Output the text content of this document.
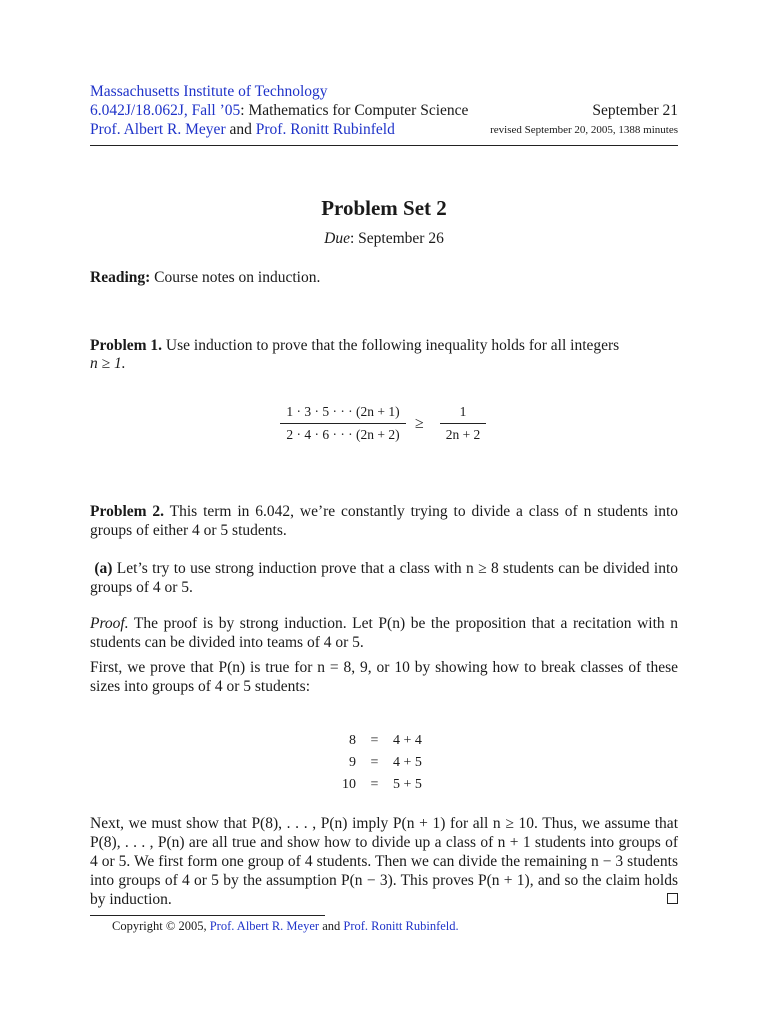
Massachusetts Institute of Technology
6.042J/18.062J, Fall ’05: Mathematics for Computer Science	September 21
Prof. Albert R. Meyer and Prof. Ronitt Rubinfeld	revised September 20, 2005, 1388 minutes
Problem Set 2
Due: September 26
Reading: Course notes on induction.
Problem 1. Use induction to prove that the following inequality holds for all integers
n ≥ 1.
1 · 3 · 5 · · · (2n + 1)
2 · 4 · 6 · · · (2n + 2)
≥
1
2n + 2
Problem 2. This term in 6.042, we’re constantly trying to divide a class of n students into groups of either 4 or 5 students.
(a) Let’s try to use strong induction prove that a class with n ≥ 8 students can be divided into groups of 4 or 5.
Proof. The proof is by strong induction. Let P(n) be the proposition that a recitation with n students can be divided into teams of 4 or 5.
First, we prove that P(n) is true for n = 8, 9, or 10 by showing how to break classes of these sizes into groups of 4 or 5 students:
8 = 4 + 4
9 = 4 + 5
10 = 5 + 5
Next, we must show that P(8), . . . , P(n) imply P(n + 1) for all n ≥ 10. Thus, we assume that P(8), . . . , P(n) are all true and show how to divide up a class of n + 1 students into groups of 4 or 5. We first form one group of 4 students. Then we can divide the remaining n − 3 students into groups of 4 or 5 by the assumption P(n − 3). This proves P(n + 1), and so the claim holds by induction.
Copyright © 2005, Prof. Albert R. Meyer and Prof. Ronitt Rubinfeld.
